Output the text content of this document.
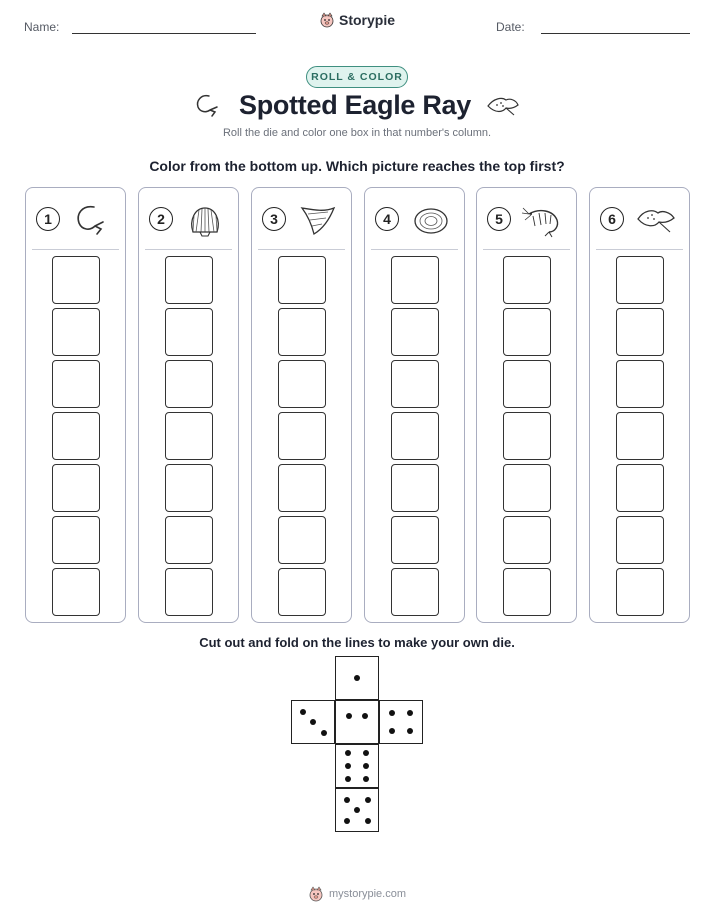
Name:	Storypie	Date:
ROLL & COLOR
Spotted Eagle Ray
Roll the die and color one box in that number's column.
Color from the bottom up. Which picture reaches the top first?
1	2	3	4	5	6
Cut out and fold on the lines to make your own die.
mystorypie.com
